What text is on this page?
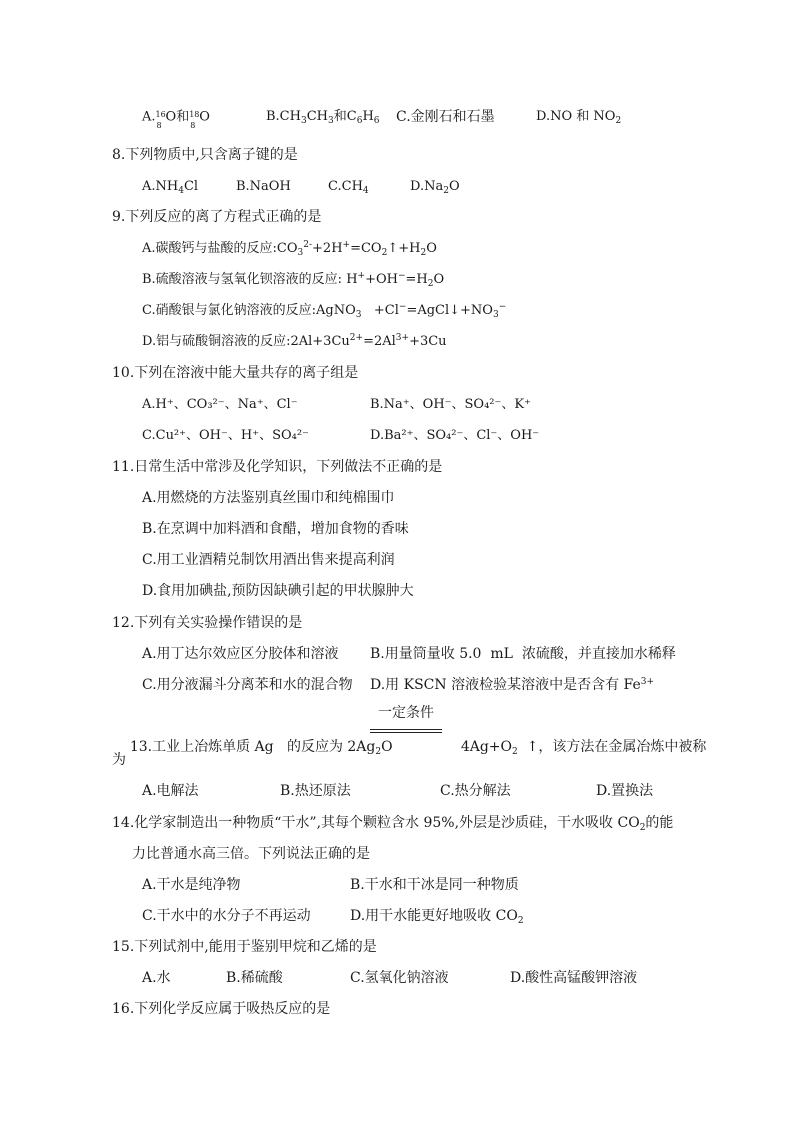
A. 16
8
O和 18
8
O	$B.CH_3CH_3$和$C_6H_6$ C.金刚石和石墨	D.NO 和 $NO_2$
8.下列物质中,只含离子键的是
$A.NH_4Cl$	B.NaOH	$C.CH_4$	$D.Na_2O$
9.下列反应的离了方程式正确的是
A.碳酸钙与盐酸的反应$:CO_3^{2-}+2H^+=CO_2↑+H_2O$
B.硫酸溶液与氢氧化钡溶液的反应: $H^++OH^-=H_2O$
C.硝酸银与氯化钠溶液的反应:AgNO$_3$   $+Cl^-=AgCl↓+NO_3^-$
D.铝与硫酸铜溶液的反应$:2Al+3Cu^{2+}=2Al^{3+}+3Cu$
10.下列在溶液中能大量共存的离子组是
A.H⁺、CO₃²⁻、Na⁺、Cl⁻	B.Na⁺、OH⁻、SO₄²⁻、K⁺
C.Cu²⁺、OH⁻、H⁺、SO₄²⁻	D.Ba²⁺、SO₄²⁻、Cl⁻、OH⁻
11.日常生活中常涉及化学知识，下列做法不正确的是
A.用燃烧的方法鉴别真丝围巾和纯棉围巾
B.在烹调中加料酒和食醋，增加食物的香味
C.用工业酒精兑制饮用酒出售来提高利润
D.食用加碘盐,预防因缺碘引起的甲状腺肿大
12.下列有关实验操作错误的是
A.用丁达尔效应区分胶体和溶液 B.用量筒量收 5.0  mL  浓硫酸，并直接加水稀释
C.用分液漏斗分离苯和水的混合物 D.用 KSCN 溶液检验某溶液中是否含有 $Fe^{3+}$

13.工业上冶炼单质 Ag   的反应为 $2Ag_2O$

一定条件

$4Ag+O_2$  ↑，该方法在金属冶炼中被称

为
A.电解法	B.热还原法	C.热分解法	D.置换法
14.化学家制造出一种物质“干水”,其每个颗粒含水 95%,外层是沙质硅，干水吸收 $CO_2$的能
力比普通水高三倍。下列说法正确的是
A.干水是纯净物	B.干水和干冰是同一种物质
C.干水中的水分子不再运动	D.用干水能更好地吸收 $CO_2$
15.下列试剂中,能用于鉴别甲烷和乙烯的是
A.水	B.稀硫酸	C.氢氧化钠溶液	D.酸性高锰酸钾溶液
16.下列化学反应属于吸热反应的是
